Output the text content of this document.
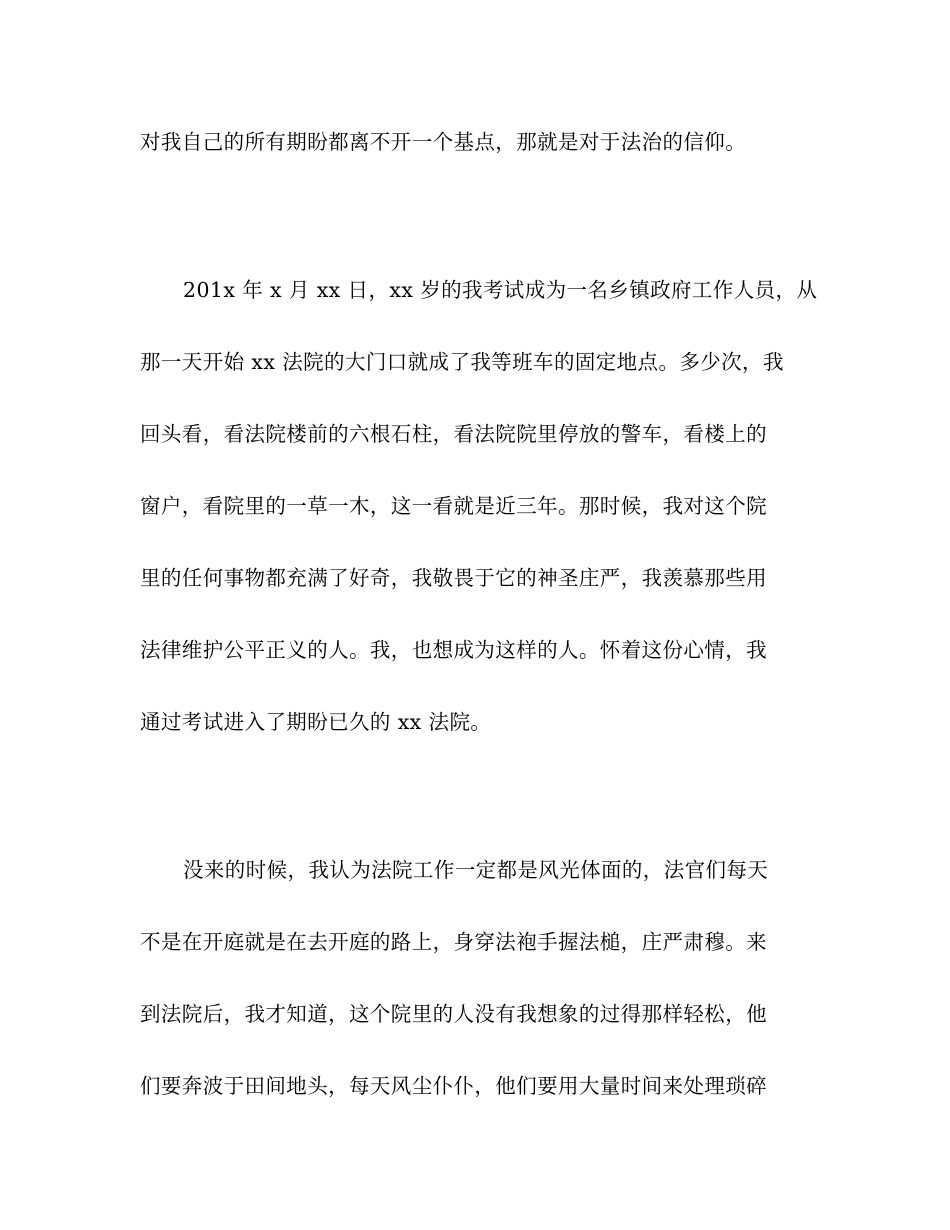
对我自己的所有期盼都离不开一个基点，那就是对于法治的信仰。
201x 年 x 月 xx 日，xx 岁的我考试成为一名乡镇政府工作人员，从
那一天开始 xx 法院的大门口就成了我等班车的固定地点。多少次，我
回头看，看法院楼前的六根石柱，看法院院里停放的警车，看楼上的
窗户，看院里的一草一木，这一看就是近三年。那时候，我对这个院
里的任何事物都充满了好奇，我敬畏于它的神圣庄严，我羡慕那些用
法律维护公平正义的人。我，也想成为这样的人。怀着这份心情，我
通过考试进入了期盼已久的 xx 法院。
没来的时候，我认为法院工作一定都是风光体面的，法官们每天
不是在开庭就是在去开庭的路上，身穿法袍手握法槌，庄严肃穆。来
到法院后，我才知道，这个院里的人没有我想象的过得那样轻松，他
们要奔波于田间地头，每天风尘仆仆，他们要用大量时间来处理琐碎
